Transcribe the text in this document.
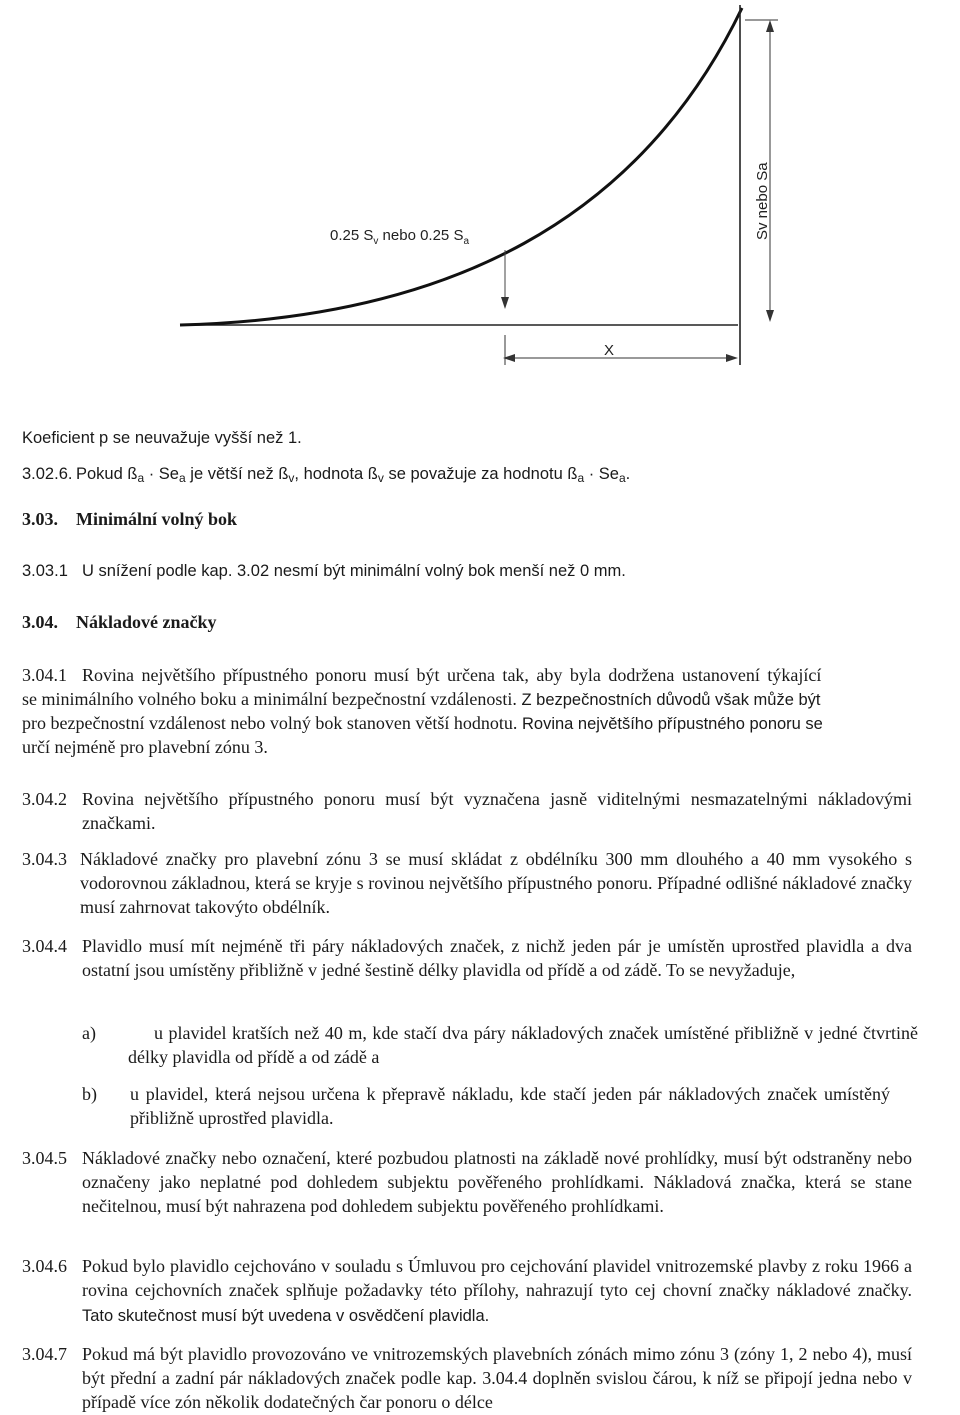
0.25 $S_v$ nebo 0.25 $S_a$
Sv nebo Sa
X

Koeficient p se neuvažuje vyšší než 1.

3.02.6. Pokud $ß_a \cdot Se_a$ je větší než $ß_v$, hodnota $ß_v$ se považuje za hodnotu $ß_a \cdot Se_a$.

3.03. Minimální volný bok
3.03.1 U snížení podle kap. 3.02 nesmí být minimální volný bok menší než 0 mm.

3.04. Nákladové značky
3.04.1 Rovina největšího přípustného ponoru musí být určena tak, aby byla dodržena ustanovení týkající

se minimálního volného boku a minimální bezpečnostní vzdálenosti. Z bezpečnostních důvodů však může být

pro bezpečnostní vzdálenost nebo volný bok stanoven větší hodnotu. Rovina největšího přípustného ponoru se

určí nejméně pro plavební zónu 3.

3.04.2 Rovina největšího přípustného ponoru musí být vyznačena jasně viditelnými nesmazatelnými nákladovými značkami.

3.04.3 Nákladové značky pro plavební zónu 3 se musí skládat z obdélníku 300 mm dlouhého a 40 mm vysokého s vodorovnou základnou, která se kryje s rovinou největšího přípustného ponoru. Případné odlišné nákladové značky musí zahrnovat takovýto obdélník.

3.04.4 Plavidlo musí mít nejméně tři páry nákladových značek, z nichž jeden pár je umístěn uprostřed plavidla a dva ostatní jsou umístěny přibližně v jedné šestině délky plavidla od přídě a od zádě. To se nevyžaduje,

a)	u plavidel kratších než 40 m, kde stačí dva páry nákladových značek umístěné přibližně v jedné čtvrtině délky plavidla od přídě a od zádě a

b) u plavidel, která nejsou určena k přepravě nákladu, kde stačí jeden pár nákladových značek umístěný přibližně uprostřed plavidla.

3.04.5 Nákladové značky nebo označení, které pozbudou platnosti na základě nové prohlídky, musí být odstraněny nebo označeny jako neplatné pod dohledem subjektu pověřeného prohlídkami. Nákladová značka, která se stane nečitelnou, musí být nahrazena pod dohledem subjektu pověřeného prohlídkami.

3.04.6 Pokud bylo plavidlo cejchováno v souladu s Úmluvou pro cejchování plavidel vnitrozemské plavby z roku 1966 a rovina cejchovních značek splňuje požadavky této přílohy, nahrazují tyto cej chovní značky nákladové značky. Tato skutečnost musí být uvedena v osvědčení plavidla.

3.04.7 Pokud má být plavidlo provozováno ve vnitrozemských plavebních zónách mimo zónu 3 (zóny 1, 2 nebo 4), musí být přední a zadní pár nákladových značek podle kap. 3.04.4 doplněn svislou čárou, k níž se připojí jedna nebo v případě více zón několik dodatečných čar ponoru o délce
